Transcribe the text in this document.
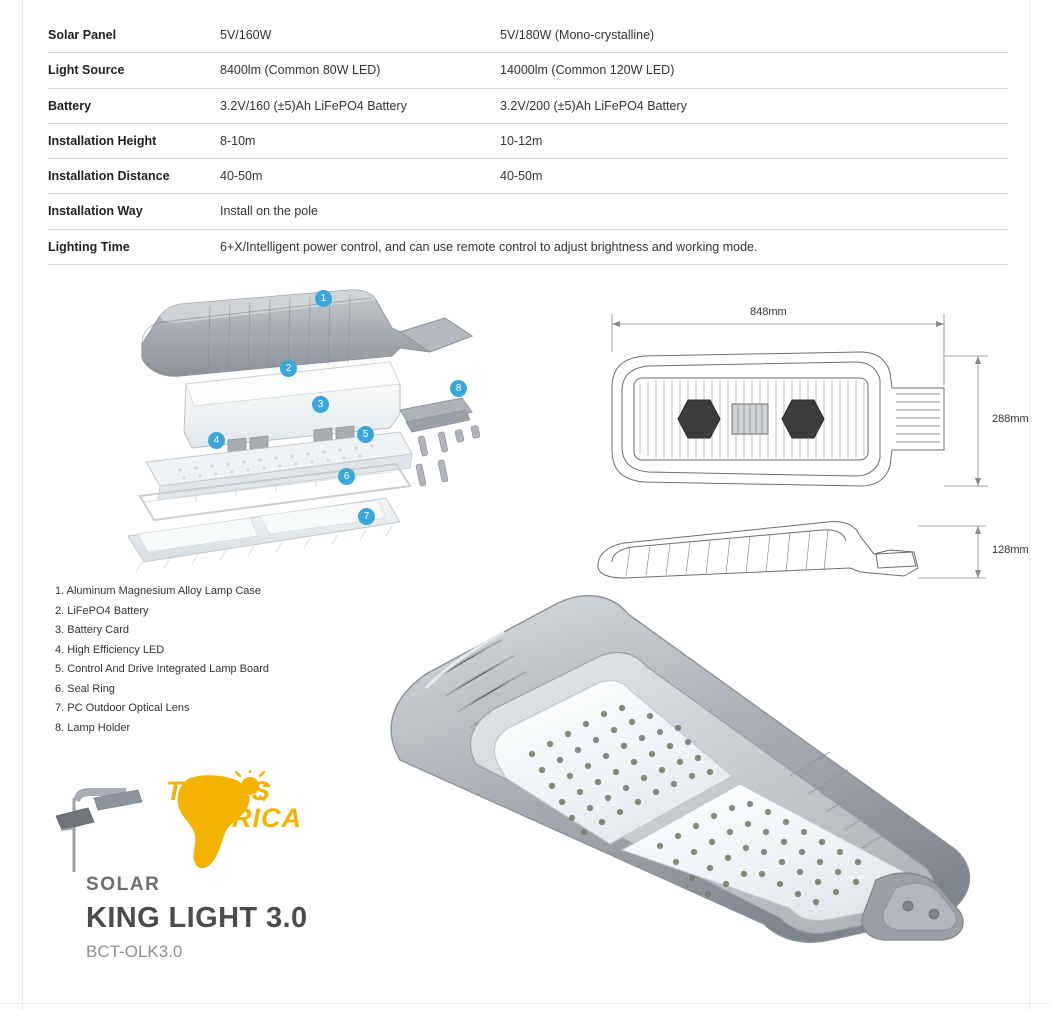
Solar Panel	5V/160W	5V/180W (Mono-crystalline)
Light Source	8400lm (Common 80W LED)	14000lm (Common 120W LED)
Battery	3.2V/160 (±5)Ah LiFePO4 Battery	3.2V/200 (±5)Ah LiFePO4 Battery
Installation Height	8-10m	10-12m
Installation Distance	40-50m	40-50m
Installation Way	Install on the pole	
Lighting Time	6+X/Intelligent power control, and can use remote control to adjust brightness and working mode.	
1
2
3
4
5
6
7
8
1. Aluminum Magnesium Alloy Lamp Case
2. LiFePO4 Battery
3. Battery Card
4. High Efficiency LED
5. Control And Drive Integrated Lamp Board
6. Seal Ring
7. PC Outdoor Optical Lens
8. Lamp Holder
848mm
288mm
128mm
TAKO'S
AFRICA
SOLAR
KING LIGHT 3.0
BCT-OLK3.0
